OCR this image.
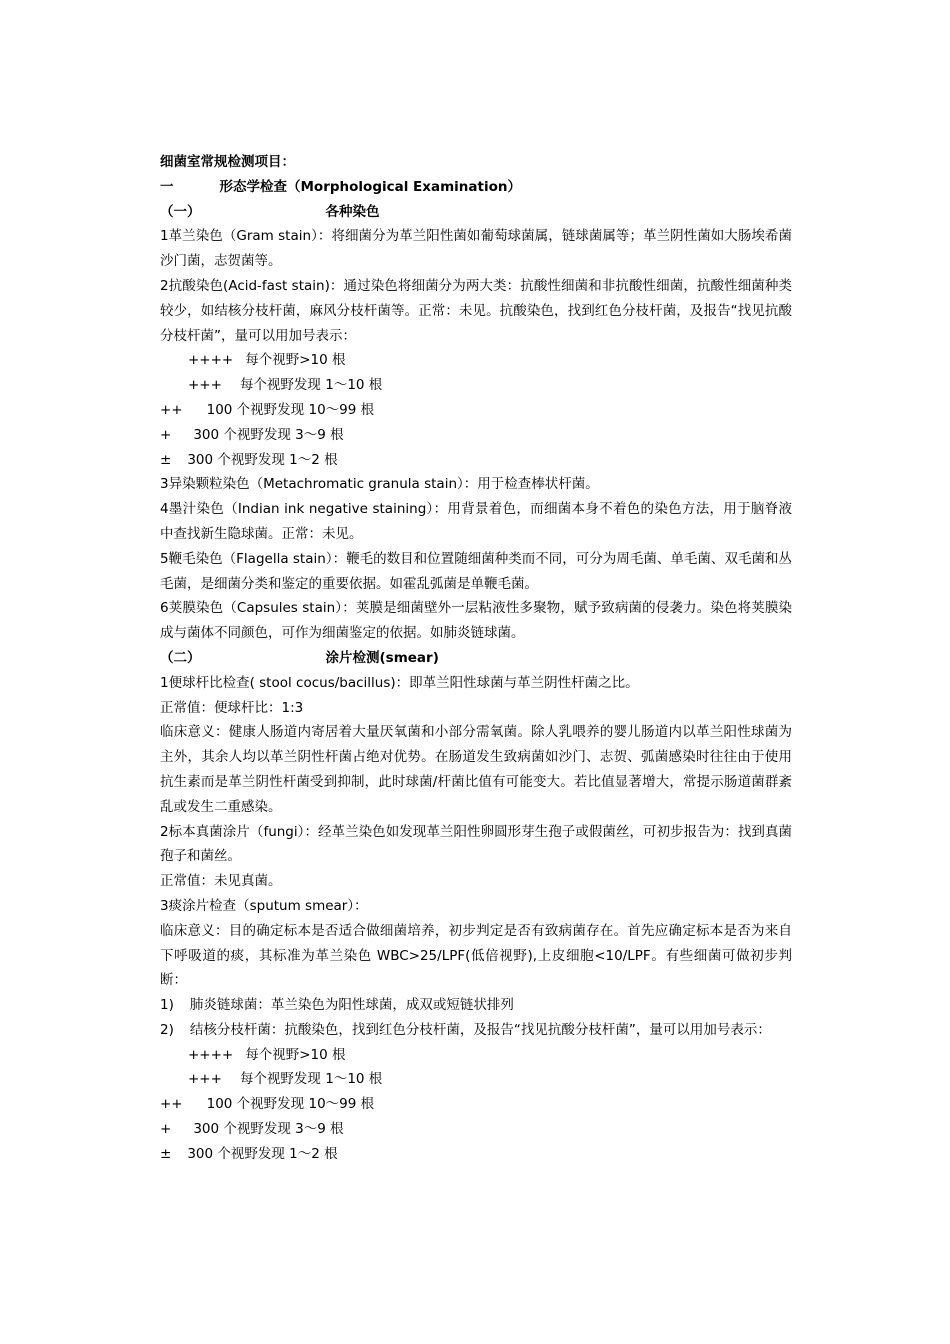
细菌室常规检测项目：
一	形态学检查（Morphological Examination）
（一）	各种染色
1革兰染色（Gram stain）：将细菌分为革兰阳性菌如葡萄球菌属，链球菌属等；革兰阴性菌如大肠埃希菌沙门菌，志贺菌等。
2抗酸染色(Acid-fast stain)：通过染色将细菌分为两大类：抗酸性细菌和非抗酸性细菌，抗酸性细菌种类较少，如结核分枝杆菌，麻风分枝杆菌等。正常：未见。抗酸染色，找到红色分枝杆菌，及报告“找见抗酸分枝杆菌”，量可以用加号表示：
++++ 每个视野>10 根
+++ 每个视野发现 1～10 根
++ 100 个视野发现 10～99 根
+ 300 个视野发现 3～9 根
± 300 个视野发现 1～2 根
3异染颗粒染色（Metachromatic granula stain）：用于检查棒状杆菌。
4墨汁染色（Indian ink negative staining）：用背景着色，而细菌本身不着色的染色方法，用于脑脊液中查找新生隐球菌。正常：未见。
5鞭毛染色（Flagella stain）：鞭毛的数目和位置随细菌种类而不同，可分为周毛菌、单毛菌、双毛菌和丛毛菌，是细菌分类和鉴定的重要依据。如霍乱弧菌是单鞭毛菌。
6荚膜染色（Capsules stain）：荚膜是细菌壁外一层粘液性多聚物，赋予致病菌的侵袭力。染色将荚膜染成与菌体不同颜色，可作为细菌鉴定的依据。如肺炎链球菌。
（二）	涂片检测(smear)
1便球杆比检查( stool cocus/bacillus)：即革兰阳性球菌与革兰阴性杆菌之比。
正常值：便球杆比：1:3
临床意义：健康人肠道内寄居着大量厌氧菌和小部分需氧菌。除人乳喂养的婴儿肠道内以革兰阳性球菌为主外，其余人均以革兰阴性杆菌占绝对优势。在肠道发生致病菌如沙门、志贺、弧菌感染时往往由于使用抗生素而是革兰阴性杆菌受到抑制，此时球菌/杆菌比值有可能变大。若比值显著增大，常提示肠道菌群紊乱或发生二重感染。
2标本真菌涂片（fungi）：经革兰染色如发现革兰阳性卵圆形芽生孢子或假菌丝，可初步报告为：找到真菌孢子和菌丝。
正常值：未见真菌。
3痰涂片检查（sputum smear）：
临床意义：目的确定标本是否适合做细菌培养，初步判定是否有致病菌存在。首先应确定标本是否为来自下呼吸道的痰，其标准为革兰染色 WBC>25/LPF(低倍视野),上皮细胞<10/LPF。有些细菌可做初步判断：
1) 肺炎链球菌：革兰染色为阳性球菌，成双或短链状排列
2) 结核分枝杆菌：抗酸染色，找到红色分枝杆菌，及报告“找见抗酸分枝杆菌”，量可以用加号表示：
++++ 每个视野>10 根
+++ 每个视野发现 1～10 根
++ 100 个视野发现 10～99 根
+ 300 个视野发现 3～9 根
± 300 个视野发现 1～2 根
